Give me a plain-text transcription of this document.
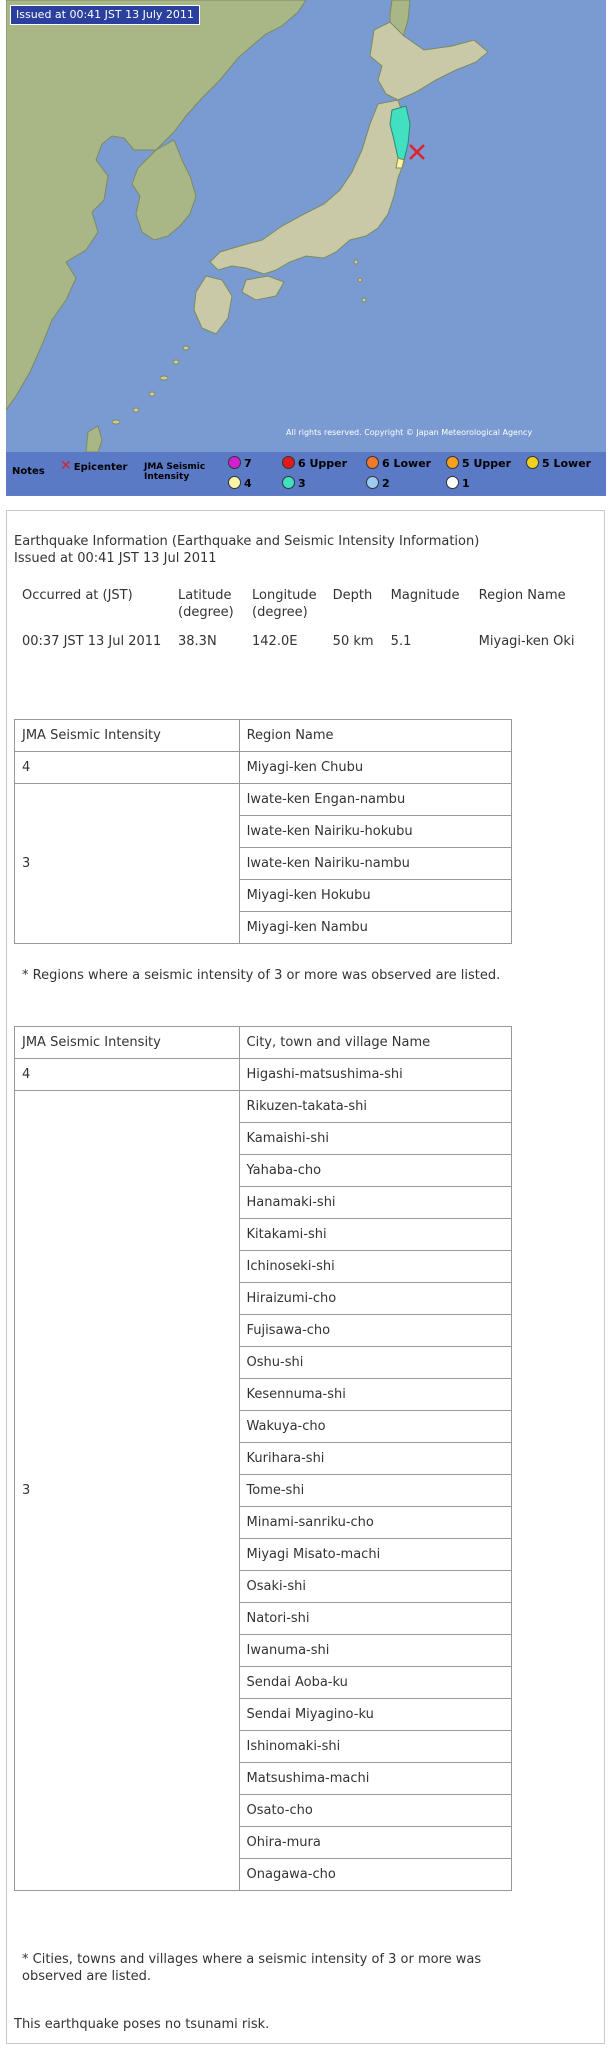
Issued at 00:41 JST 13 July 2011
All rights reserved. Copyright © Japan Meteorological Agency
Notes ✕ Epicenter JMA Seismic Intensity
7	6 Upper	6 Lower	5 Upper	5 Lower
4	3	2	1
Earthquake Information (Earthquake and Seismic Intensity Information)
Issued at 00:41 JST 13 Jul 2011
Occurred at (JST)	Latitude (degree)	Longitude (degree)	Depth	Magnitude	Region Name
00:37 JST 13 Jul 2011	38.3N	142.0E	50 km	5.1	Miyagi-ken Oki
JMA Seismic Intensity	Region Name
4	Miyagi-ken Chubu
3	Iwate-ken Engan-nambu
	Iwate-ken Nairiku-hokubu
	Iwate-ken Nairiku-nambu
	Miyagi-ken Hokubu
	Miyagi-ken Nambu
* Regions where a seismic intensity of 3 or more was observed are listed.
JMA Seismic Intensity	City, town and village Name
4	Higashi-matsushima-shi
3	Rikuzen-takata-shi
	Kamaishi-shi
	Yahaba-cho
	Hanamaki-shi
	Kitakami-shi
	Ichinoseki-shi
	Hiraizumi-cho
	Fujisawa-cho
	Oshu-shi
	Kesennuma-shi
	Wakuya-cho
	Kurihara-shi
	Tome-shi
	Minami-sanriku-cho
	Miyagi Misato-machi
	Osaki-shi
	Natori-shi
	Iwanuma-shi
	Sendai Aoba-ku
	Sendai Miyagino-ku
	Ishinomaki-shi
	Matsushima-machi
	Osato-cho
	Ohira-mura
	Onagawa-cho
* Cities, towns and villages where a seismic intensity of 3 or more was observed are listed.
This earthquake poses no tsunami risk.
